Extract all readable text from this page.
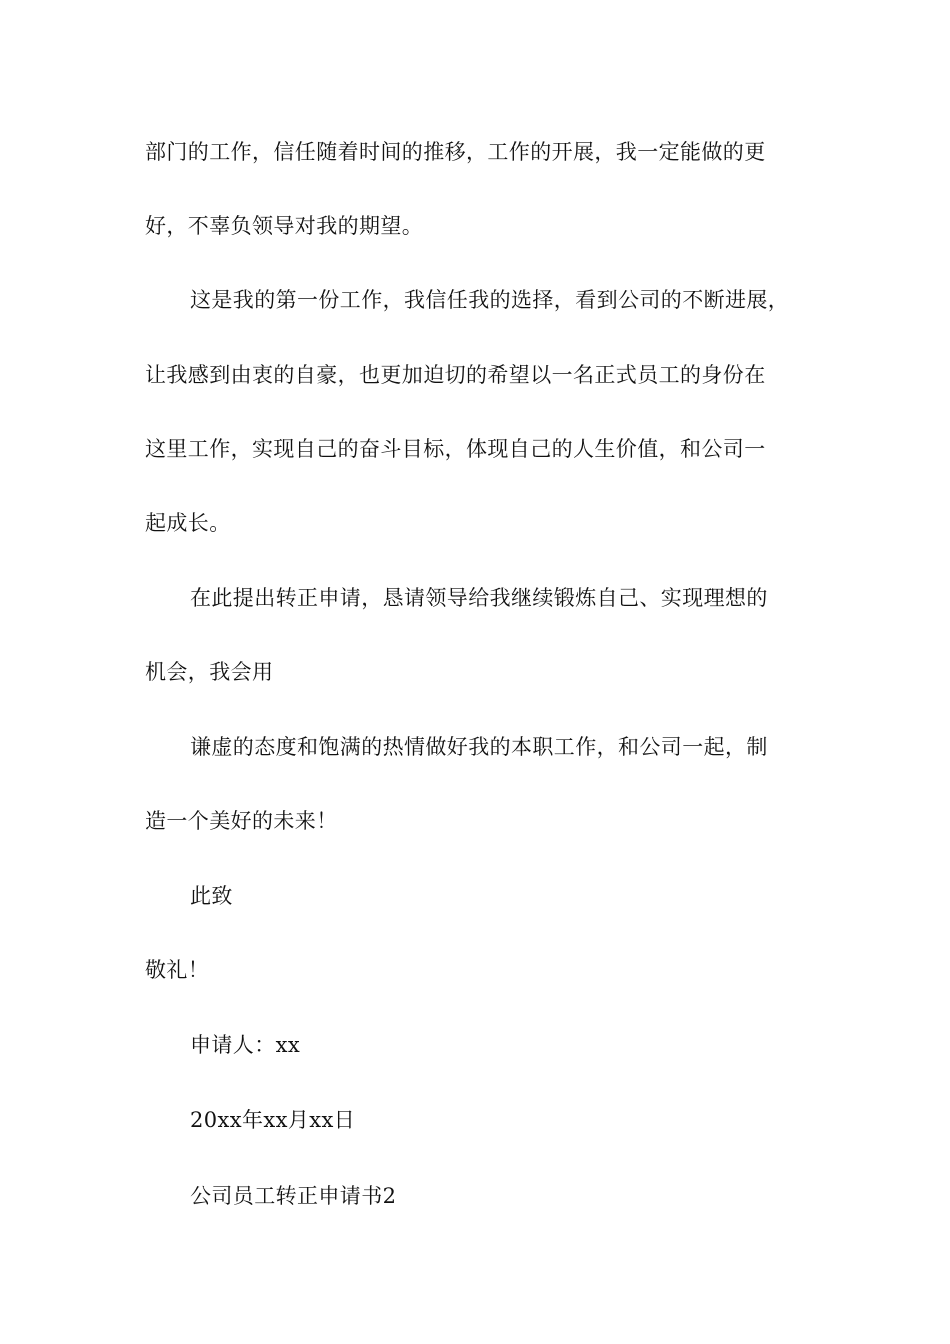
部门的工作，信任随着时间的推移，工作的开展，我一定能做的更
好，不辜负领导对我的期望。
这是我的第一份工作，我信任我的选择，看到公司的不断进展，
让我感到由衷的自豪，也更加迫切的希望以一名正式员工的身份在
这里工作，实现自己的奋斗目标，体现自己的人生价值，和公司一
起成长。
在此提出转正申请，恳请领导给我继续锻炼自己、实现理想的
机会，我会用
谦虚的态度和饱满的热情做好我的本职工作，和公司一起，制
造一个美好的未来！
此致
敬礼！
申请人：xx
20xx年xx月xx日
公司员工转正申请书2
